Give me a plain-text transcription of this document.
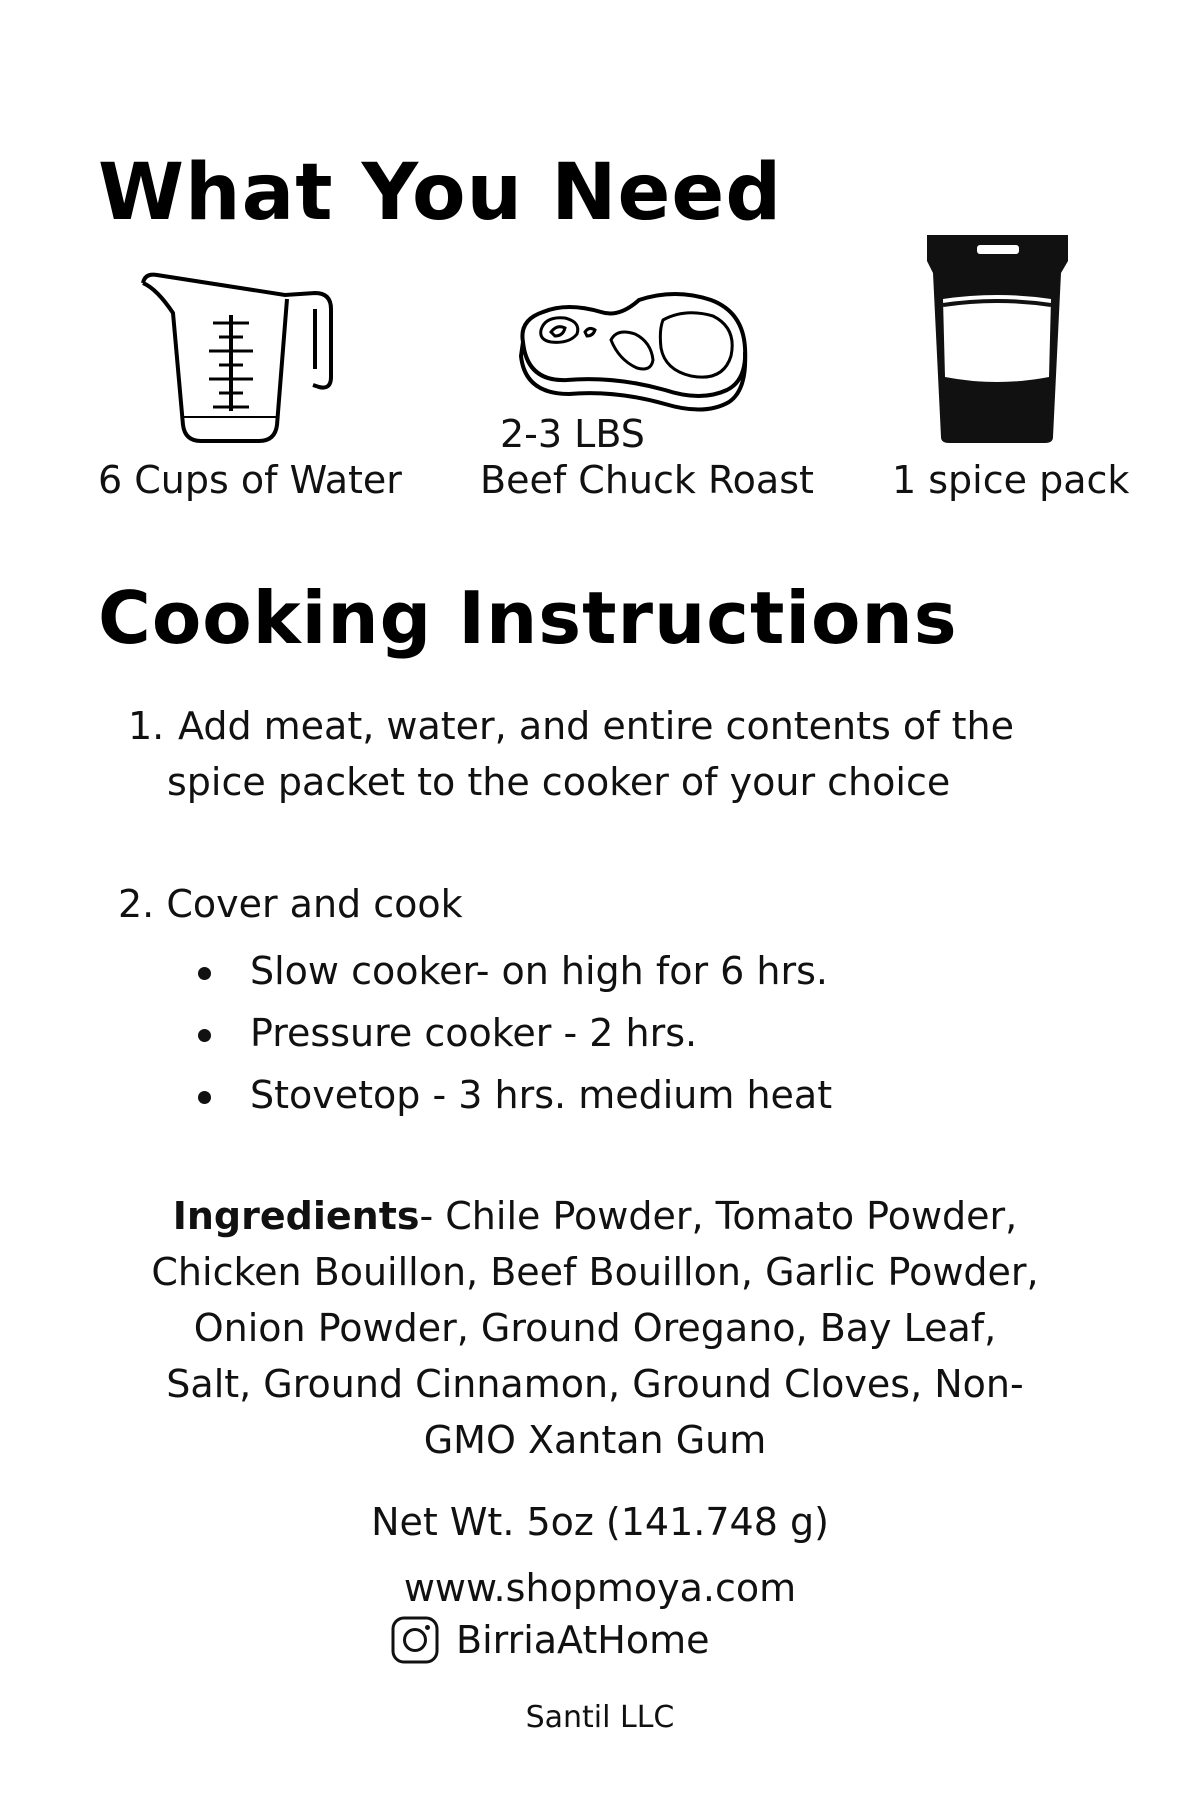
What You Need
6 Cups of Water
2-3 LBS
Beef Chuck Roast 1 spice pack
Cooking Instructions
1. Add meat, water, and entire contents of the
spice packet to the cooker of your choice
2. Cover and cook
Slow cooker- on high for 6 hrs.
Pressure cooker - 2 hrs.
Stovetop - 3 hrs. medium heat
Ingredients- Chile Powder, Tomato Powder, Chicken Bouillon, Beef Bouillon, Garlic Powder, Onion Powder, Ground Oregano, Bay Leaf, Salt, Ground Cinnamon, Ground Cloves, Non-GMO Xantan Gum
Net Wt. 5oz (141.748 g)
www.shopmoya.com
BirriaAtHome
Santil LLC
